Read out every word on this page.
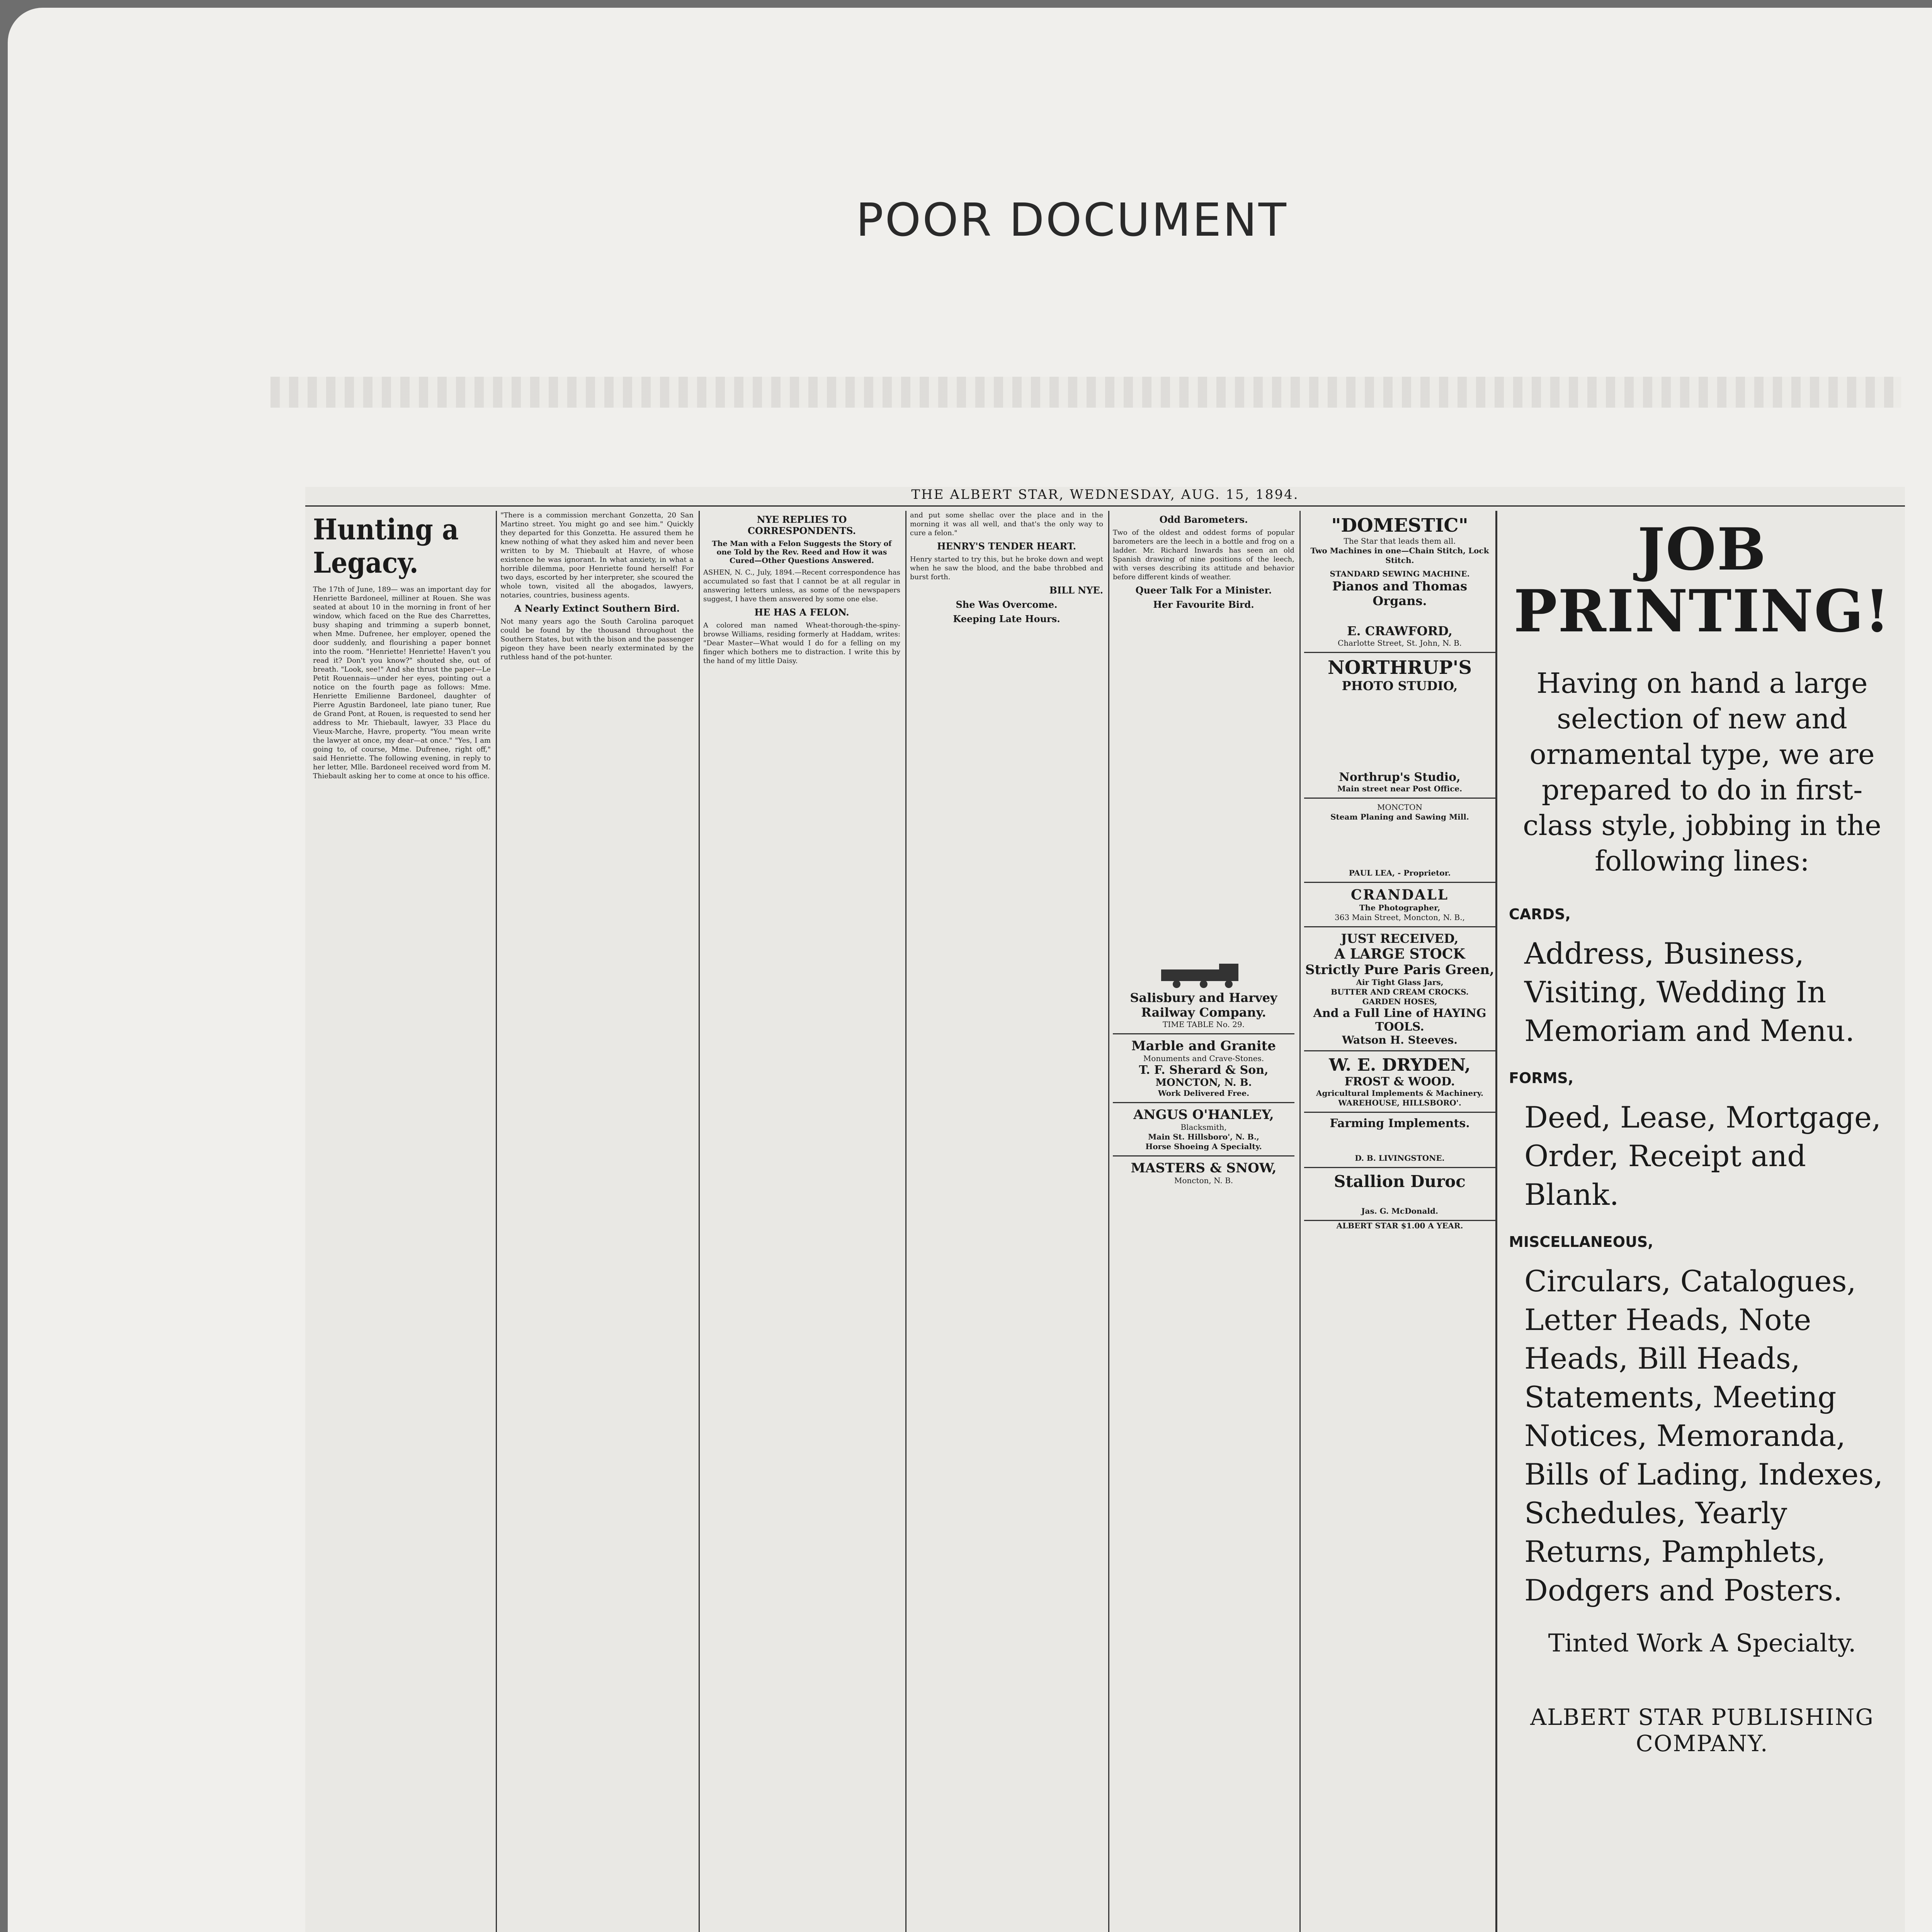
POOR DOCUMENT
THE ALBERT STAR, WEDNESDAY, AUG. 15, 1894.
Hunting a Legacy.
The 17th of June, 189— was an important day for Henriette Bardoneel, milliner at Rouen. She was seated at about 10 in the morning in front of her window, which faced on the Rue des Charrettes, busy shaping and trimming a superb bonnet, when Mme. Dufrenee, her employer, opened the door suddenly, and flourishing a paper bonnet into the room. "Henriette! Henriette! Haven't you read it? Don't you know?" shouted she, out of breath. "Look, see!" And she thrust the paper—Le Petit Rouennais—under her eyes, pointing out a notice on the fourth page as follows: Mme. Henriette Emilienne Bardoneel, daughter of Pierre Agustin Bardoneel, late piano tuner, Rue de Grand Pont, at Rouen, is requested to send her address to Mr. Thiebault, lawyer, 33 Place du Vieux-Marche, Havre, property. "You mean write the lawyer at once, my dear—at once." "Yes, I am going to, of course, Mme. Dufrenee, right off," said Henriette. The following evening, in reply to her letter, Mlle. Bardoneel received word from M. Thiebault asking her to come at once to his office.
"There is a commission merchant Gonzetta, 20 San Martino street. You might go and see him." Quickly they departed for this Gonzetta. He assured them he knew nothing of what they asked him and never been written to by M. Thiebault at Havre, of whose existence he was ignorant. In what anxiety, in what a horrible dilemma, poor Henriette found herself! For two days, escorted by her interpreter, she scoured the whole town, visited all the abogados, lawyers, notaries, countries, business agents.
A Nearly Extinct Southern Bird.
Not many years ago the South Carolina paroquet could be found by the thousand throughout the Southern States, but with the bison and the passenger pigeon they have been nearly exterminated by the ruthless hand of the pot-hunter.
NYE REPLIES TO CORRESPONDENTS.
The Man with a Felon Suggests the Story of one Told by the Rev. Reed and How it was Cured—Other Questions Answered.
ASHEN, N. C., July, 1894.—Recent correspondence has accumulated so fast that I cannot be at all regular in answering letters unless, as some of the newspapers suggest, I have them answered by some one else.
HE HAS A FELON.
A colored man named Wheat-thorough-the-spiny-browse Williams, residing formerly at Haddam, writes: "Dear Master—What would I do for a felling on my finger which bothers me to distraction. I write this by the hand of my little Daisy.
and put some shellac over the place and in the morning it was all well, and that's the only way to cure a felon."
HENRY'S TENDER HEART.
Henry started to try this, but he broke down and wept when he saw the blood, and the babe throbbed and burst forth.
BILL NYE.
She Was Overcome.
Keeping Late Hours.
Odd Barometers.
Two of the oldest and oddest forms of popular barometers are the leech in a bottle and frog on a ladder. Mr. Richard Inwards has seen an old Spanish drawing of nine positions of the leech, with verses describing its attitude and behavior before different kinds of weather.
Queer Talk For a Minister.
Her Favourite Bird.
Salisbury and Harvey Railway Company.
TIME TABLE No. 29.
Marble and Granite
Monuments and Crave-Stones.
T. F. Sherard & Son,
MONCTON, N. B.
Work Delivered Free.
ANGUS O'HANLEY,
Blacksmith,
Main St. Hillsboro', N. B.,
Horse Shoeing A Specialty.
MASTERS & SNOW,
Moncton, N. B.
"DOMESTIC"
The Star that leads them all.
Two Machines in one—Chain Stitch, Lock Stitch.
STANDARD SEWING MACHINE.
Pianos and Thomas Organs.
E. CRAWFORD,
Charlotte Street, St. John, N. B.
NORTHRUP'S
PHOTO STUDIO,
Northrup's Studio,
Main street near Post Office.
MONCTON
Steam Planing and Sawing Mill.
PAUL LEA, - Proprietor.
CRANDALL
The Photographer,
363 Main Street, Moncton, N. B.,
JUST RECEIVED,
A LARGE STOCK
Strictly Pure Paris Green,
Air Tight Glass Jars,
BUTTER AND CREAM CROCKS.
GARDEN HOSES,
And a Full Line of HAYING TOOLS.
Watson H. Steeves.
W. E. DRYDEN,
FROST & WOOD.
Agricultural Implements & Machinery.
WAREHOUSE, HILLSBORO'.
Farming Implements.
D. B. LIVINGSTONE.
Stallion Duroc
Jas. G. McDonald.
ALBERT STAR $1.00 A YEAR.
JOB PRINTING!
Having on hand a large selection of new and ornamental type, we are prepared to do in first-class style, jobbing in the following lines:
CARDS,
Address, Business, Visiting, Wedding In Memoriam and Menu.
FORMS,
Deed, Lease, Mortgage, Order, Receipt and Blank.
MISCELLANEOUS,
Circulars, Catalogues, Letter Heads, Note Heads, Bill Heads, Statements, Meeting Notices, Memoranda, Bills of Lading, Indexes, Schedules, Yearly Returns, Pamphlets, Dodgers and Posters.
Tinted Work A Specialty.
ALBERT STAR PUBLISHING COMPANY.
